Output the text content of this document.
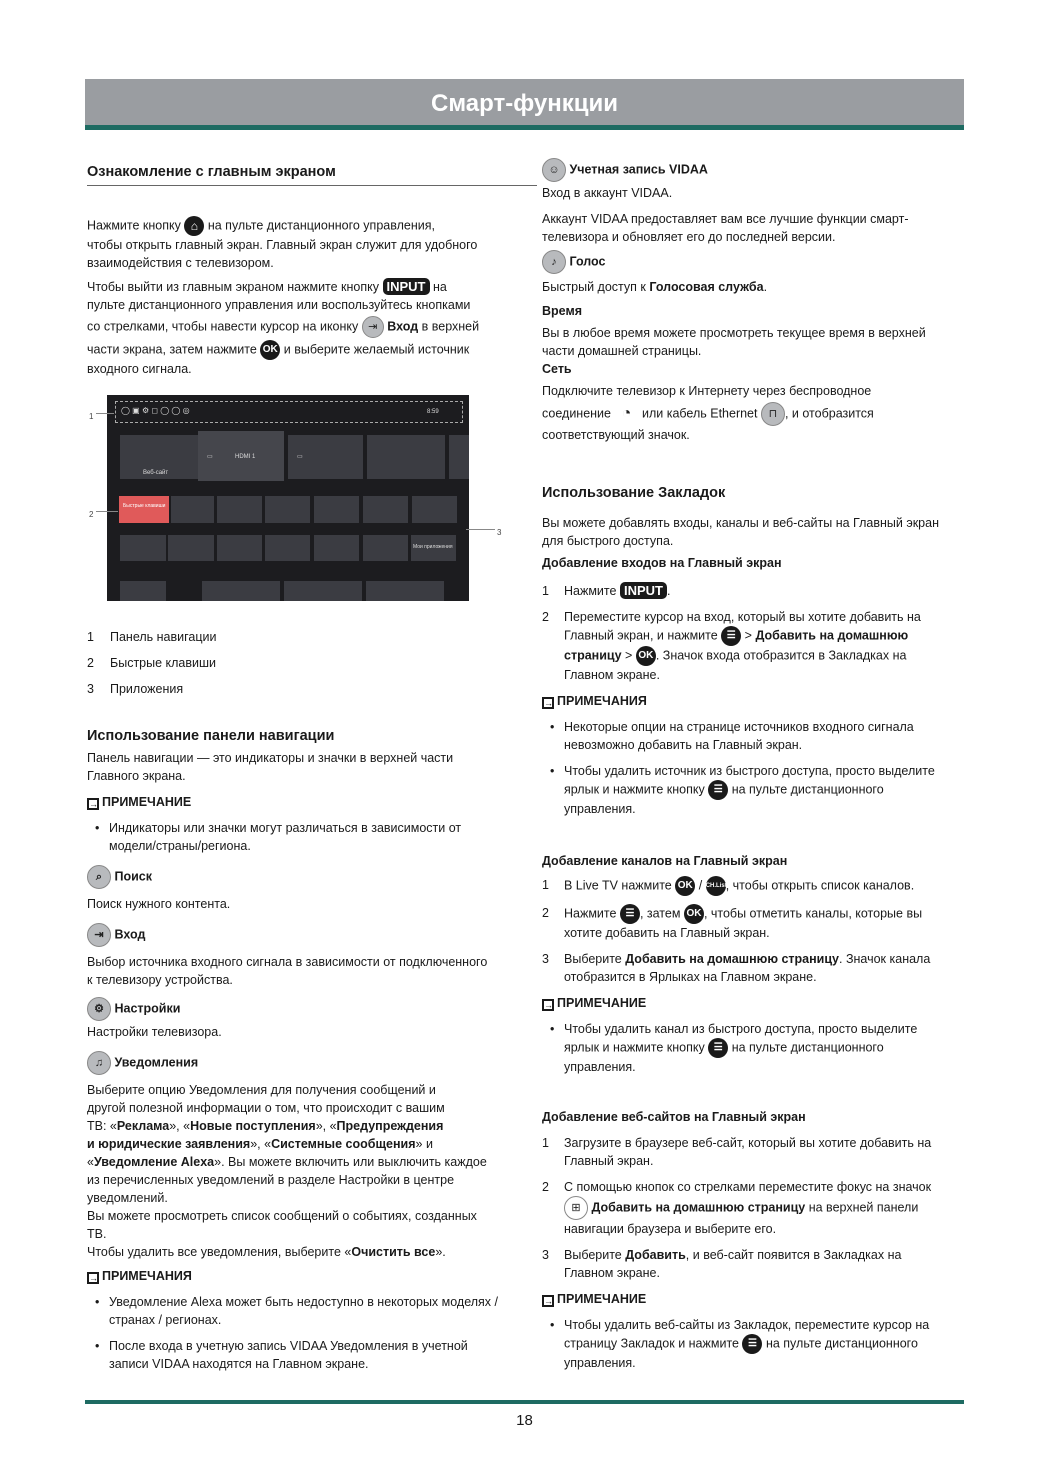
Смарт-функции
Ознакомление с главным экраном

Нажмите кнопку ⌂ на пульте дистанционного управления,

чтобы открыть главный экран. Главный экран служит для удобного

взаимодействия с телевизором.

Чтобы выйти из главным экраном нажмите кнопку INPUT на

пульте дистанционного управления или воспользуйтесь кнопками

со стрелками, чтобы навести курсор на иконку ⇥ Вход в верхней

части экрана, затем нажмите OK и выберите желаемый источник

входного сигнала.

◯ ▣ ⚙ ◻ ◯ ◯ ◎	8:59
Веб-сайт
▭	HDMI 1	▭
Быстрые клавиши
Мои приложения
1
2
3
1 Панель навигации
2 Быстрые клавиши
3 Приложения
Использование панели навигации

Панель навигации — это индикаторы и значки в верхней части

Главного экрана.

→ ПРИМЕЧАНИЕ
• Индикаторы или значки могут различаться в зависимости от
модели/страны/региона.
⌕ Поиск

Поиск нужного контента.

⇥ Вход

Выбор источника входного сигнала в зависимости от подключенного

к телевизору устройства.

⚙ Настройки

Настройки телевизора.

♫ Уведомления

Выберите опцию Уведомления для получения сообщений и

другой полезной информации о том, что происходит с вашим

ТВ: «Реклама», «Новые поступления», «Предупреждения

и юридические заявления», «Системные сообщения» и

«Уведомление Alexa». Вы можете включить или выключить каждое

из перечисленных уведомлений в разделе Настройки в центре

уведомлений.

Вы можете просмотреть список сообщений о событиях, созданных

ТВ.

Чтобы удалить все уведомления, выберите «Очистить все».

→ ПРИМЕЧАНИЯ
• Уведомление Alexa может быть недоступно в некоторых моделях /
странах / регионах.
• После входа в учетную запись VIDAA Уведомления в учетной
записи VIDAA находятся на Главном экране.
☺ Учетная запись VIDAA

Вход в аккаунт VIDAA.

Аккаунт VIDAA предоставляет вам все лучшие функции смарт-

телевизора и обновляет его до последней версии.

♪ Голос

Быстрый доступ к Голосовая служба.

Время

Вы в любое время можете просмотреть текущее время в верхней

части домашней страницы.

Сеть

Подключите телевизор к Интернету через беспроводное

соединение ◔ или кабель Ethernet ⊓ , и отобразится

соответствующий значок.

Использование Закладок

Вы можете добавлять входы, каналы и веб-сайты на Главный экран

для быстрого доступа.

Добавление входов на Главный экран
1 Нажмите INPUT .
2 Переместите курсор на вход, который вы хотите добавить на
Главный экран, и нажмите ☰ > Добавить на домашнюю
страницу > OK . Значок входа отобразится в Закладках на
Главном экране.
→ ПРИМЕЧАНИЯ
• Некоторые опции на странице источников входного сигнала
невозможно добавить на Главный экран.
• Чтобы удалить источник из быстрого доступа, просто выделите
ярлык и нажмите кнопку ☰ на пульте дистанционного
управления.
Добавление каналов на Главный экран
1 В Live TV нажмите OK / CH.List, чтобы открыть список каналов.
2 Нажмите ☰ , затем OK , чтобы отметить каналы, которые вы
хотите добавить на Главный экран.
3 Выберите Добавить на домашнюю страницу. Значок канала
отобразится в Ярлыках на Главном экране.
→ ПРИМЕЧАНИЕ
• Чтобы удалить канал из быстрого доступа, просто выделите
ярлык и нажмите кнопку ☰ на пульте дистанционного
управления.
Добавление веб-сайтов на Главный экран
1 Загрузите в браузере веб-сайт, который вы хотите добавить на
Главный экран.
2 С помощью кнопок со стрелками переместите фокус на значок
⊞ Добавить на домашнюю страницу на верхней панели
навигации браузера и выберите его.
3 Выберите Добавить, и веб-сайт появится в Закладках на
Главном экране.
→ ПРИМЕЧАНИЕ
• Чтобы удалить веб-сайты из Закладок, переместите курсор на
страницу Закладок и нажмите ☰ на пульте дистанционного
управления.
18
